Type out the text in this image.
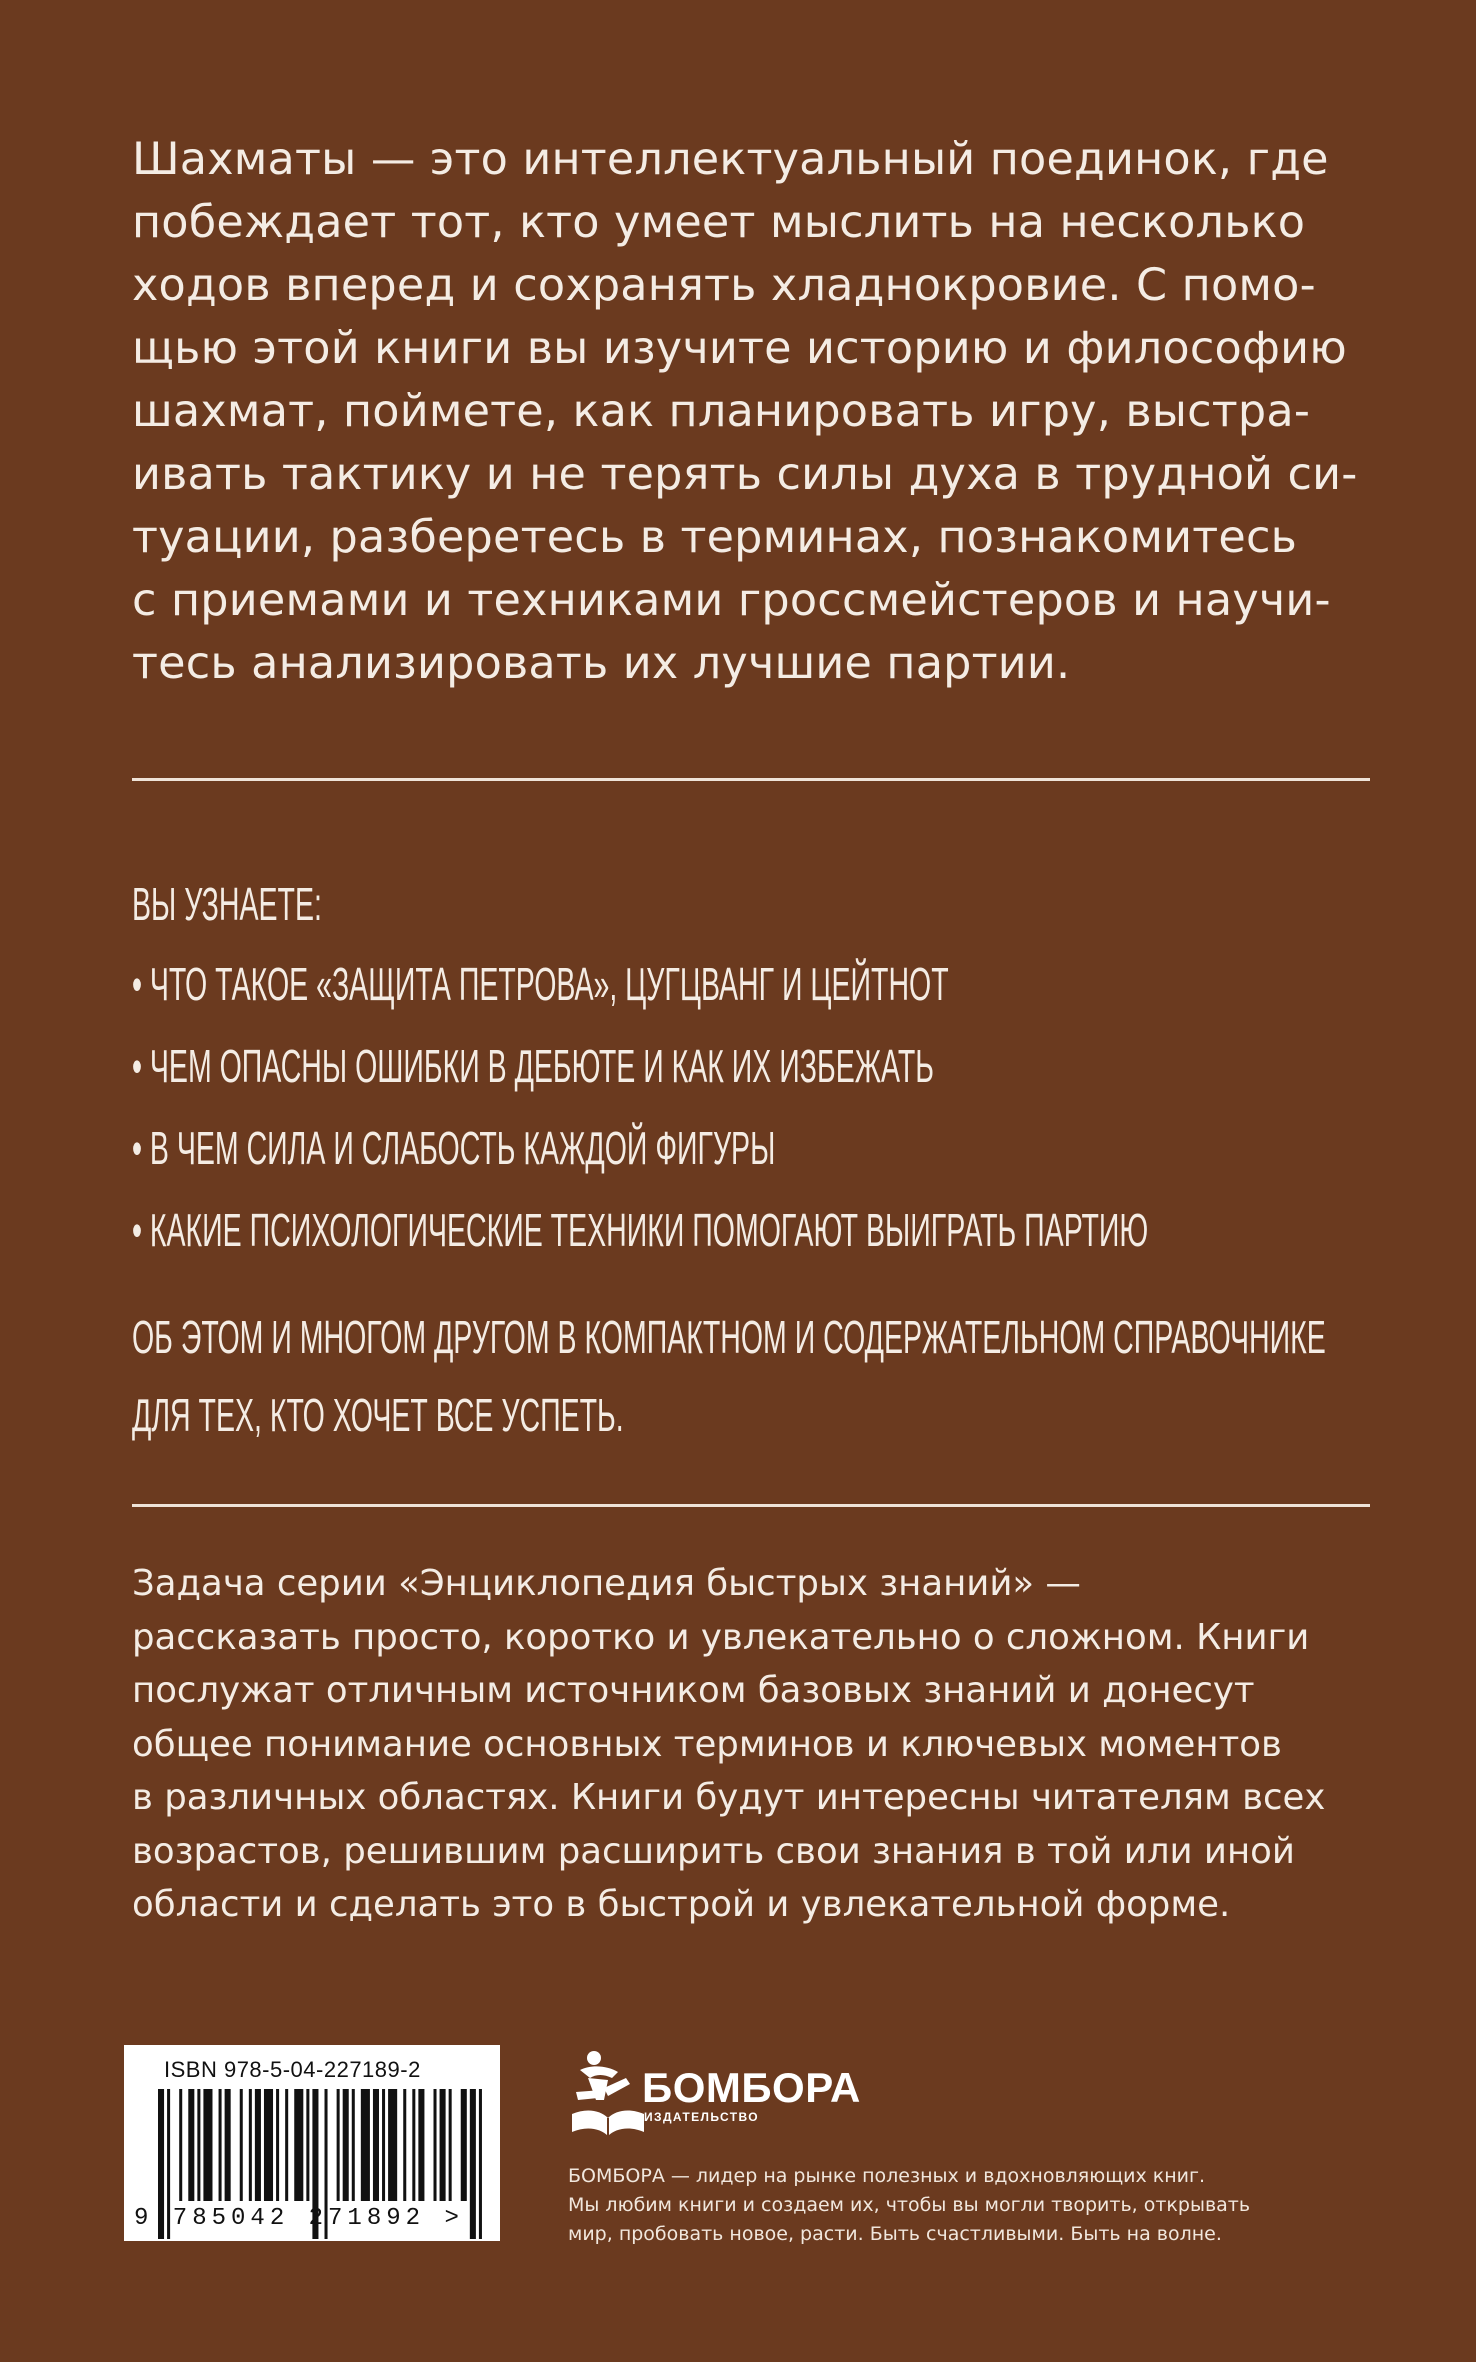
Шахматы — это интеллектуальный поединок, где
побеждает тот, кто умеет мыслить на несколько
ходов вперед и сохранять хладнокровие. С помо-
щью этой книги вы изучите историю и философию
шахмат, поймете, как планировать игру, выстра-
ивать тактику и не терять силы духа в трудной си-
туации, разберетесь в терминах, познакомитесь
с приемами и техниками гроссмейстеров и научи-
тесь анализировать их лучшие партии.
ВЫ УЗНАЕТЕ:
• ЧТО ТАКОЕ «ЗАЩИТА ПЕТРОВА», ЦУГЦВАНГ И ЦЕЙТНОТ
• ЧЕМ ОПАСНЫ ОШИБКИ В ДЕБЮТЕ И КАК ИХ ИЗБЕЖАТЬ
• В ЧЕМ СИЛА И СЛАБОСТЬ КАЖДОЙ ФИГУРЫ
• КАКИЕ ПСИХОЛОГИЧЕСКИЕ ТЕХНИКИ ПОМОГАЮТ ВЫИГРАТЬ ПАРТИЮ
ОБ ЭТОМ И МНОГОМ ДРУГОМ В КОМПАКТНОМ И СОДЕРЖАТЕЛЬНОМ СПРАВОЧНИКЕ
ДЛЯ ТЕХ, КТО ХОЧЕТ ВСЕ УСПЕТЬ.
Задача серии «Энциклопедия быстрых знаний» —
рассказать просто, коротко и увлекательно о сложном. Книги
послужат отличным источником базовых знаний и донесут
общее понимание основных терминов и ключевых моментов
в различных областях. Книги будут интересны читателям всех
возрастов, решившим расширить свои знания в той или иной
области и сделать это в быстрой и увлекательной форме.
ISBN 978-5-04-227189-2
9 785042 271892 >
БОМБОРА
ИЗДАТЕЛЬСТВО
БОМБОРА — лидер на рынке полезных и вдохновляющих книг.
Мы любим книги и создаем их, чтобы вы могли творить, открывать
мир, пробовать новое, расти. Быть счастливыми. Быть на волне.
